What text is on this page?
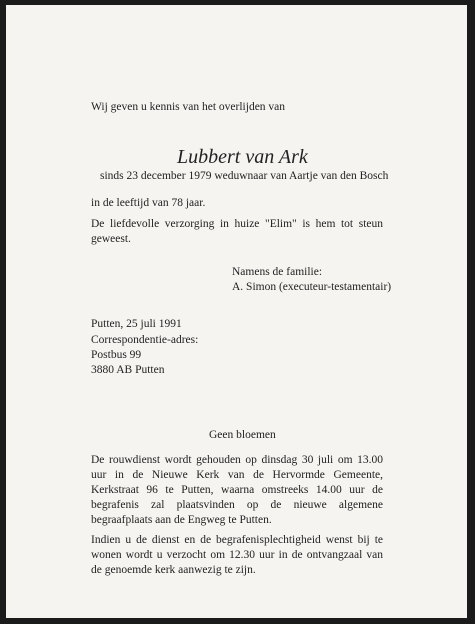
Wij geven u kennis van het overlijden van
Lubbert van Ark
sinds 23 december 1979 weduwnaar van Aartje van den Bosch
in de leeftijd van 78 jaar.
De liefdevolle verzorging in huize "Elim" is hem tot steun geweest.
Namens de familie:
A. Simon (executeur-testamentair)
Putten, 25 juli 1991
Correspondentie-adres:
Postbus 99
3880 AB Putten
Geen bloemen
De rouwdienst wordt gehouden op dinsdag 30 juli om 13.00 uur in de Nieuwe Kerk van de Hervormde Gemeente, Kerkstraat 96 te Putten, waarna omstreeks 14.00 uur de begrafenis zal plaatsvinden op de nieuwe algemene begraafplaats aan de Engweg te Putten.
Indien u de dienst en de begrafenisplechtigheid wenst bij te wonen wordt u verzocht om 12.30 uur in de ontvangzaal van de genoemde kerk aanwezig te zijn.
